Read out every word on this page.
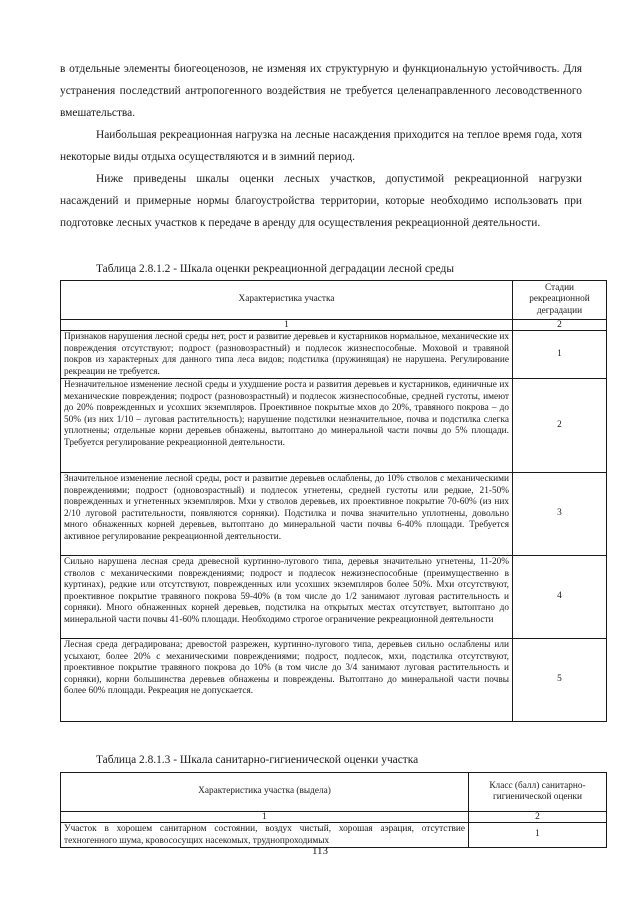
в отдельные элементы биогеоценозов, не изменяя их структурную и функциональную устойчивость. Для устранения последствий антропогенного воздействия не требуется целенаправленного лесоводственного вмешательства.
Наибольшая рекреационная нагрузка на лесные насаждения приходится на теплое время года, хотя некоторые виды отдыха осуществляются и в зимний период.
Ниже приведены шкалы оценки лесных участков, допустимой рекреационной нагрузки насаждений и примерные нормы благоустройства территории, которые необходимо использовать при подготовке лесных участков к передаче в аренду для осуществления рекреационной деятельности.
Таблица 2.8.1.2 - Шкала оценки рекреационной деградации лесной среды
Характеристика участка	Стадии рекреационной деградации
1	2
Признаков нарушения лесной среды нет, рост и развитие деревьев и кустарников нормальное, механические их повреждения отсутствуют; подрост (разновозрастный) и подлесок жизнеспособные. Моховой и травяной покров из характерных для данного типа леса видов; подстилка (пружинящая) не нарушена. Регулирование рекреации не требуется.	1
Незначительное изменение лесной среды и ухудшение роста и развития деревьев и кустарников, единичные их механические повреждения; подрост (разновозрастный) и подлесок жизнеспособные, средней густоты, имеют до 20% поврежденных и усохших экземпляров. Проективное покрытые мхов до 20%, травяного покрова – до 50% (из них 1/10 – луговая растительность); нарушение подстилки незначительное, почва и подстилка слегка уплотнены; отдельные корни деревьев обнажены, вытоптано до минеральной части почвы до 5% площади. Требуется регулирование рекреационной деятельности.	2
Значительное изменение лесной среды, рост и развитие деревьев ослаблены, до 10% стволов с механическими повреждениями; подрост (одновозрастный) и подлесок угнетены, средней густоты или редкие, 21-50% поврежденных и угнетенных экземпляров. Мхи у стволов деревьев, их проективное покрытие 70-60% (из них 2/10 луговой растительности, появляются сорняки). Подстилка и почва значительно уплотнены, довольно много обнаженных корней деревьев, вытоптано до минеральной части почвы 6-40% площади. Требуется активное регулирование рекреационной деятельности.	3
Сильно нарушена лесная среда древесной куртинно-лугового типа, деревья значительно угнетены, 11-20% стволов с механическими повреждениями; подрост и подлесок нежизнеспособные (преимущественно в куртинах), редкие или отсутствуют, поврежденных или усохших экземпляров более 50%. Мхи отсутствуют, проективное покрытие травяного покрова 59-40% (в том числе до 1/2 занимают луговая растительность и сорняки). Много обнаженных корней деревьев, подстилка на открытых местах отсутствует, вытоптано до минеральной части почвы 41-60% площади. Необходимо строгое ограничение рекреационной деятельности	4
Лесная среда деградирована; древостой разрежен, куртинно-лугового типа, деревьев сильно ослаблены или усыхают, более 20% с механическими повреждениями; подрост, подлесок, мхи, подстилка отсутствуют, проективное покрытие травяного покрова до 10% (в том числе до 3/4 занимают луговая растительность и сорняки), корни большинства деревьев обнажены и повреждены. Вытоптано до минеральной части почвы более 60% площади. Рекреация не допускается.	5
Таблица 2.8.1.3 - Шкала санитарно-гигиенической оценки участка
Характеристика участка (выдела)	Класс (балл) санитарно-гигиенической оценки
1	2
Участок в хорошем санитарном состоянии, воздух чистый, хорошая аэрация, отсутствие техногенного шума, кровососущих насекомых, труднопроходимых	1
113
